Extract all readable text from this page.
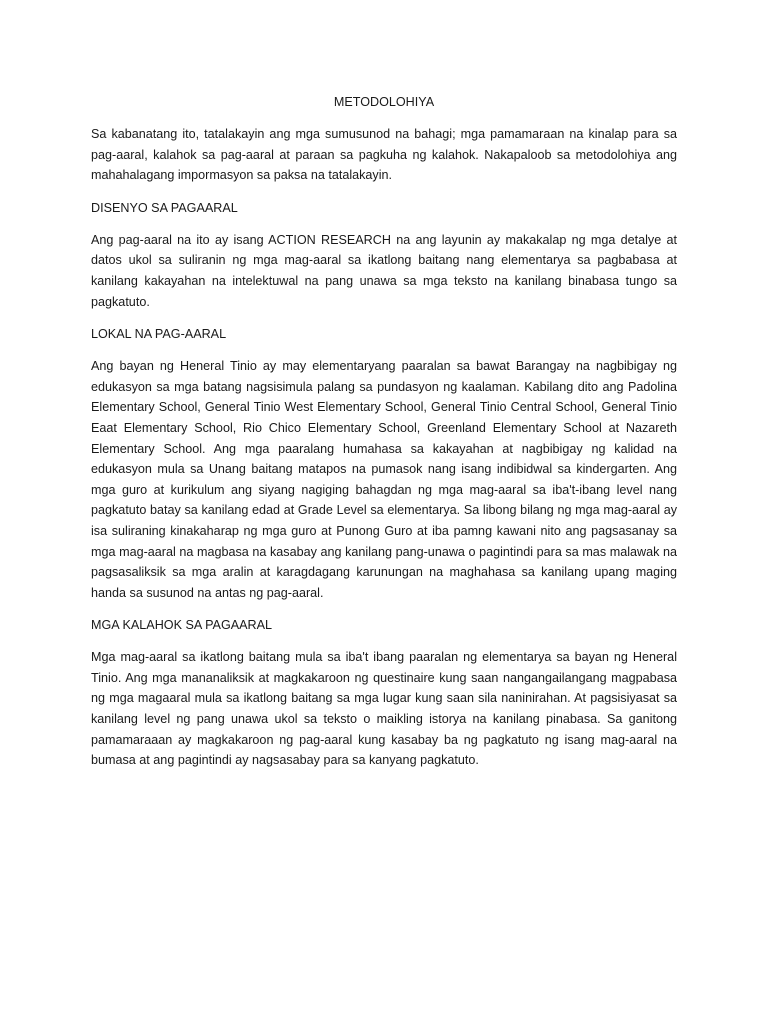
METODOLOHIYA

Sa kabanatang ito, tatalakayin ang mga sumusunod na bahagi; mga pamamaraan na kinalap para sa pag-aaral, kalahok sa pag-aaral at paraan sa pagkuha ng kalahok. Nakapaloob sa metodolohiya ang mahahalagang impormasyon sa paksa na tatalakayin.

DISENYO SA PAGAARAL

Ang pag-aaral na ito ay isang ACTION RESEARCH na ang layunin ay makakalap ng mga detalye at datos ukol sa suliranin ng mga mag-aaral sa ikatlong baitang nang elementarya sa pagbabasa at kanilang kakayahan na intelektuwal na pang unawa sa mga teksto na kanilang binabasa tungo sa pagkatuto.

LOKAL NA PAG-AARAL

Ang bayan ng Heneral Tinio ay may elementaryang paaralan sa bawat Barangay na nagbibigay ng edukasyon sa mga batang nagsisimula palang sa pundasyon ng kaalaman. Kabilang dito ang Padolina Elementary School, General Tinio West Elementary School, General Tinio Central School, General Tinio Eaat Elementary School, Rio Chico Elementary School, Greenland Elementary School at Nazareth Elementary School. Ang mga paaralang humahasa sa kakayahan at nagbibigay ng kalidad na edukasyon mula sa Unang baitang matapos na pumasok nang isang indibidwal sa kindergarten. Ang mga guro at kurikulum ang siyang nagiging bahagdan ng mga mag-aaral sa iba't-ibang level nang pagkatuto batay sa kanilang edad at Grade Level sa elementarya. Sa libong bilang ng mga mag-aaral ay isa suliraning kinakaharap ng mga guro at Punong Guro at iba pamng kawani nito ang pagsasanay sa mga mag-aaral na magbasa na kasabay ang kanilang pang-unawa o pagintindi para sa mas malawak na pagsasaliksik sa mga aralin at karagdagang karunungan na maghahasa sa kanilang upang maging handa sa susunod na antas ng pag-aaral.

MGA KALAHOK SA PAGAARAL

Mga mag-aaral sa ikatlong baitang mula sa iba't ibang paaralan ng elementarya sa bayan ng Heneral Tinio. Ang mga mananaliksik at magkakaroon ng questinaire kung saan nangangailangang magpabasa ng mga magaaral mula sa ikatlong baitang sa mga lugar kung saan sila naninirahan. At pagsisiyasat sa kanilang level ng pang unawa ukol sa teksto o maikling istorya na kanilang pinabasa. Sa ganitong pamamaraaan ay magkakaroon ng pag-aaral kung kasabay ba ng pagkatuto ng isang mag-aaral na bumasa at ang pagintindi ay nagsasabay para sa kanyang pagkatuto.
